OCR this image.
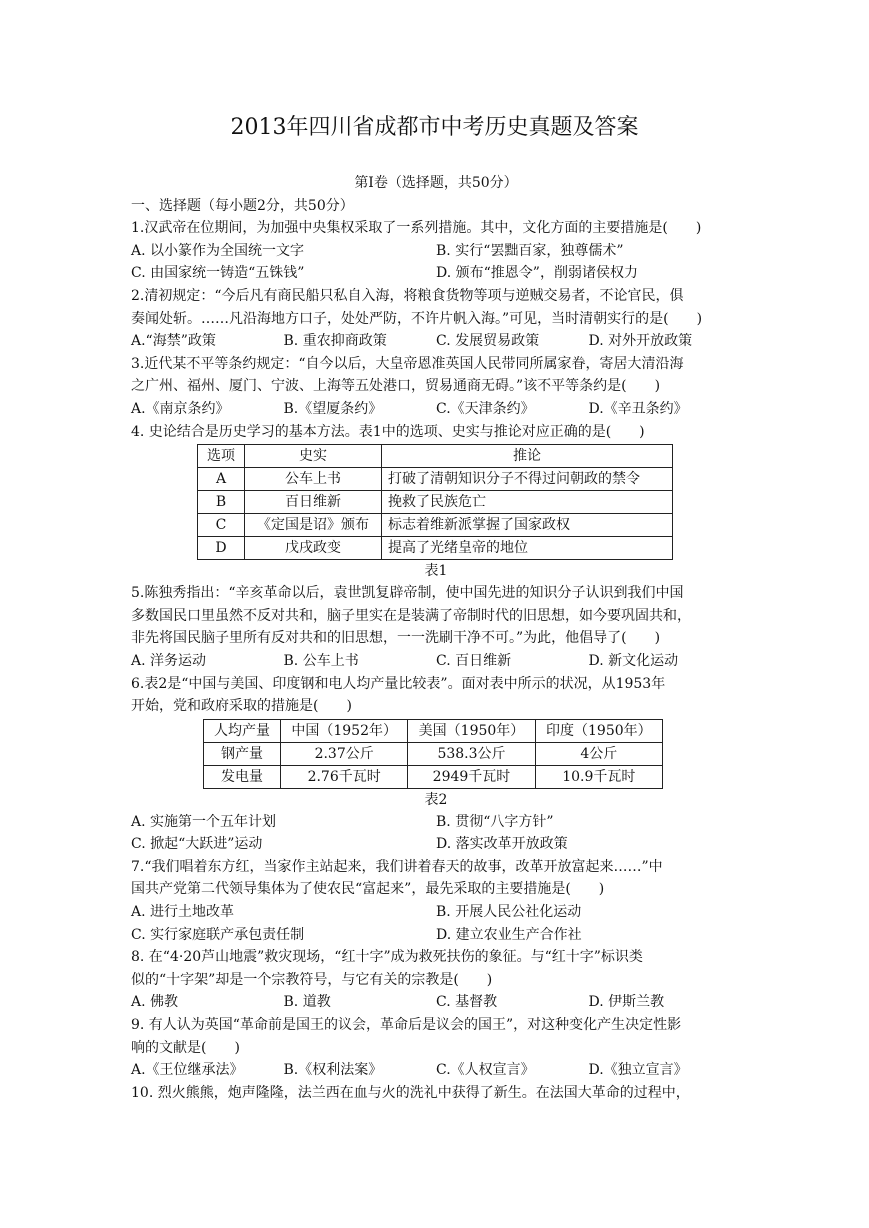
2013年四川省成都市中考历史真题及答案
第Ⅰ卷（选择题，共50分）
一、选择题（每小题2分，共50分）
1.汉武帝在位期间，为加强中央集权采取了一系列措施。其中，文化方面的主要措施是(　　)
A. 以小篆作为全国统一文字	B. 实行“罢黜百家，独尊儒术”
C. 由国家统一铸造“五铢钱”	D. 颁布“推恩令”，削弱诸侯权力
2.清初规定：“今后凡有商民船只私自入海，将粮食货物等项与逆贼交易者，不论官民，俱
奏闻处斩。……凡沿海地方口子，处处严防，不许片帆入海。”可见，当时清朝实行的是(　　)
A.“海禁”政策	B. 重农抑商政策	C. 发展贸易政策	D. 对外开放政策
3.近代某不平等条约规定：“自今以后，大皇帝恩准英国人民带同所属家眷，寄居大清沿海
之广州、福州、厦门、宁波、上海等五处港口，贸易通商无碍。”该不平等条约是(　　)
A.《南京条约》	B.《望厦条约》	C.《天津条约》	D.《辛丑条约》
4. 史论结合是历史学习的基本方法。表1中的选项、史实与推论对应正确的是(　　)
选项	史实	推论
A	公车上书	打破了清朝知识分子不得过问朝政的禁令
B	百日维新	挽救了民族危亡
C	《定国是诏》颁布	标志着维新派掌握了国家政权
D	戊戌政变	提高了光绪皇帝的地位
表1
5.陈独秀指出：“辛亥革命以后，袁世凯复辟帝制，使中国先进的知识分子认识到我们中国
多数国民口里虽然不反对共和，脑子里实在是装满了帝制时代的旧思想，如今要巩固共和，
非先将国民脑子里所有反对共和的旧思想，一一洗刷干净不可。”为此，他倡导了(　　)
A. 洋务运动	B. 公车上书	C. 百日维新	D. 新文化运动
6.表2是“中国与美国、印度钢和电人均产量比较表”。面对表中所示的状况，从1953年
开始，党和政府采取的措施是(　　)
人均产量	中国（1952年）	美国（1950年）	印度（1950年）
钢产量	2.37公斤	538.3公斤	4公斤
发电量	2.76千瓦时	2949千瓦时	10.9千瓦时
表2
A. 实施第一个五年计划	B. 贯彻“八字方针”
C. 掀起“大跃进”运动	D. 落实改革开放政策
7.“我们唱着东方红，当家作主站起来，我们讲着春天的故事，改革开放富起来……”中
国共产党第二代领导集体为了使农民“富起来”，最先采取的主要措施是(　　)
A. 进行土地改革	B. 开展人民公社化运动
C. 实行家庭联产承包责任制	D. 建立农业生产合作社
8. 在“4·20芦山地震”救灾现场，“红十字”成为救死扶伤的象征。与“红十字”标识类
似的“十字架”却是一个宗教符号，与它有关的宗教是(　　)
A. 佛教	B. 道教	C. 基督教	D. 伊斯兰教
9. 有人认为英国“革命前是国王的议会，革命后是议会的国王”，对这种变化产生决定性影
响的文献是(　　)
A.《王位继承法》	B.《权利法案》	C.《人权宣言》	D.《独立宣言》
10. 烈火熊熊，炮声隆隆，法兰西在血与火的洗礼中获得了新生。在法国大革命的过程中，
